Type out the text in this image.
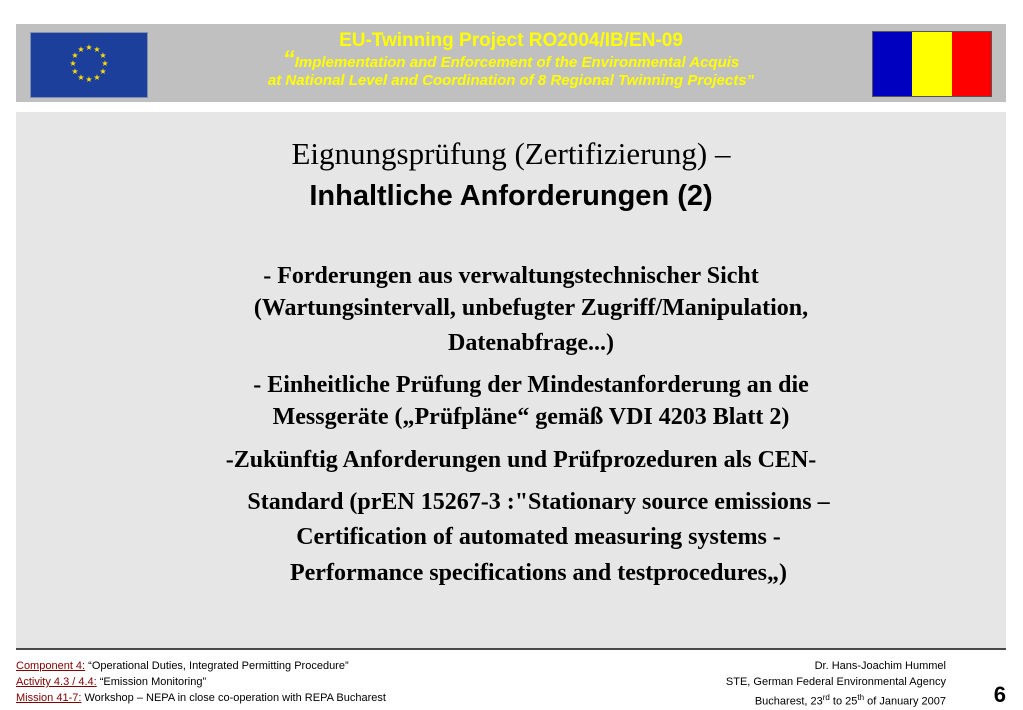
★ ★
★
★
★
★
★
★
★
★
★
★	EU-Twinning Project RO2004/IB/EN-09
“Implementation and Enforcement of the Environmental Acquis
at National Level and Coordination of 8 Regional Twinning Projects”
Eignungsprüfung (Zertifizierung) –
Inhaltliche Anforderungen (2)
- Forderungen aus verwaltungstechnischer Sicht
(Wartungsintervall, unbefugter Zugriff/Manipulation,
Datenabfrage...)
- Einheitliche Prüfung der Mindestanforderung an die
Messgeräte („Prüfpläne“ gemäß VDI 4203 Blatt 2)
-Zukünftig Anforderungen und Prüfprozeduren als CEN-
Standard (prEN 15267-3 :"Stationary source emissions –
Certification of automated measuring systems -
Performance specifications and testprocedures„)
Component 4: “Operational Duties, Integrated Permitting Procedure”
Activity 4.3 / 4.4: “Emission Monitoring”
Mission 41-7: Workshop – NEPA in close co-operation with REPA Bucharest
Dr. Hans-Joachim Hummel
STE, German Federal Environmental Agency
Bucharest, 23rd to 25th of January 2007 6
